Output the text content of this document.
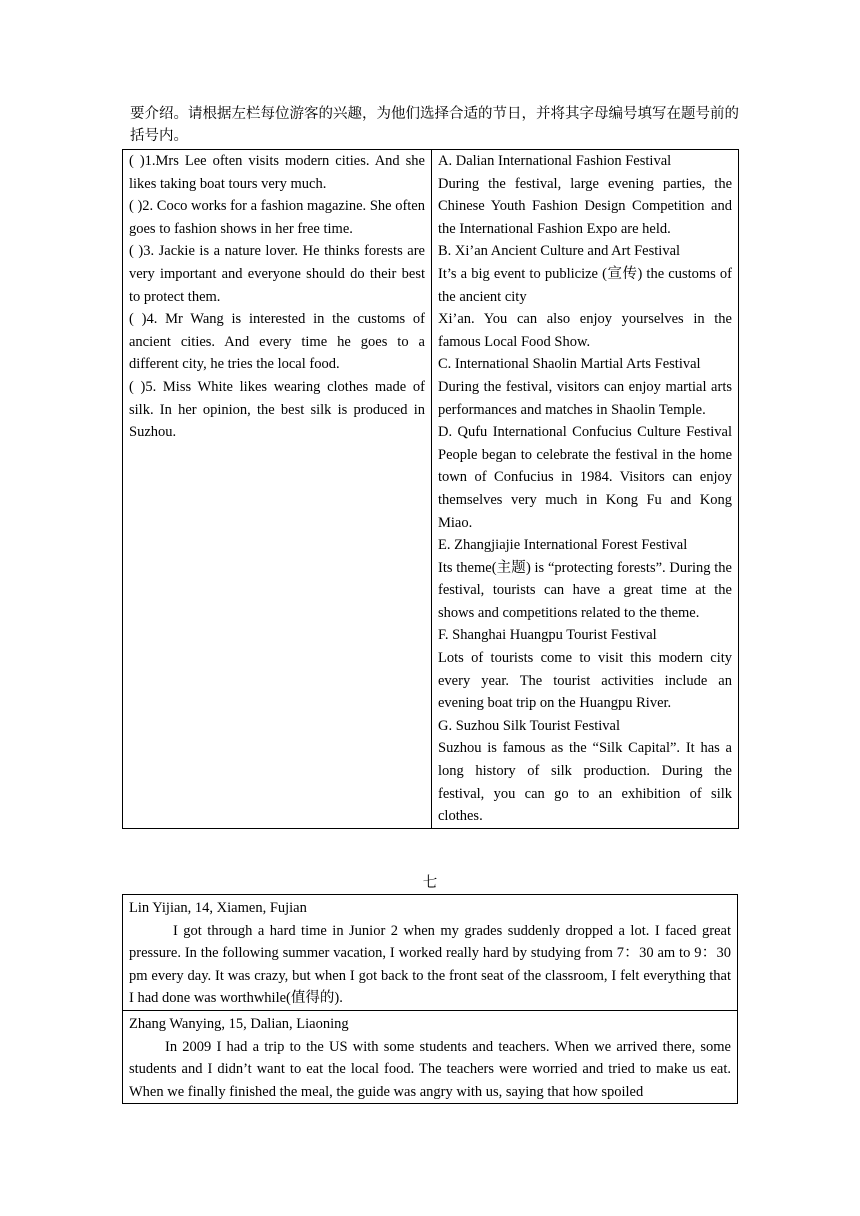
要介绍。请根据左栏每位游客的兴趣，为他们选择合适的节日，并将其字母编号填写在题号前的括号内。
( )1.Mrs Lee often visits modern cities. And she likes taking boat tours very much.
( )2. Coco works for a fashion magazine. She often goes to fashion shows in her free time.
( )3. Jackie is a nature lover. He thinks forests are very important and everyone should do their best to protect them.
( )4. Mr Wang is interested in the customs of ancient cities. And every time he goes to a different city, he tries the local food.
( )5. Miss White likes wearing clothes made of silk. In her opinion, the best silk is produced in Suzhou.

A. Dalian International Fashion Festival
During the festival, large evening parties, the Chinese Youth Fashion Design Competition and the International Fashion Expo are held.
B. Xi’an Ancient Culture and Art Festival
It’s a big event to publicize (宣传) the customs of the ancient city
Xi’an. You can also enjoy yourselves in the famous Local Food Show.
C. International Shaolin Martial Arts Festival
During the festival, visitors can enjoy martial arts performances and matches in Shaolin Temple.
D. Qufu International Confucius Culture Festival
People began to celebrate the festival in the home town of Confucius in 1984. Visitors can enjoy themselves very much in Kong Fu and Kong Miao.
E. Zhangjiajie International Forest Festival
Its theme(主题) is “protecting forests”. During the festival, tourists can have a great time at the shows and competitions related to the theme.
F. Shanghai Huangpu Tourist Festival
Lots of tourists come to visit this modern city every year. The tourist activities include an evening boat trip on the Huangpu River.
G. Suzhou Silk Tourist Festival
Suzhou is famous as the “Silk Capital”. It has a long history of silk production. During the festival, you can go to an exhibition of silk clothes.
七
Lin Yijian, 14, Xiamen, Fujian
I got through a hard time in Junior 2 when my grades suddenly dropped a lot. I faced great pressure. In the following summer vacation, I worked really hard by studying from 7：30 am to 9：30 pm every day. It was crazy, but when I got back to the front seat of the classroom, I felt everything that I had done was worthwhile(值得的).

Zhang Wanying, 15, Dalian, Liaoning
In 2009 I had a trip to the US with some students and teachers. When we arrived there, some students and I didn’t want to eat the local food. The teachers were worried and tried to make us eat. When we finally finished the meal, the guide was angry with us, saying that how spoiled
